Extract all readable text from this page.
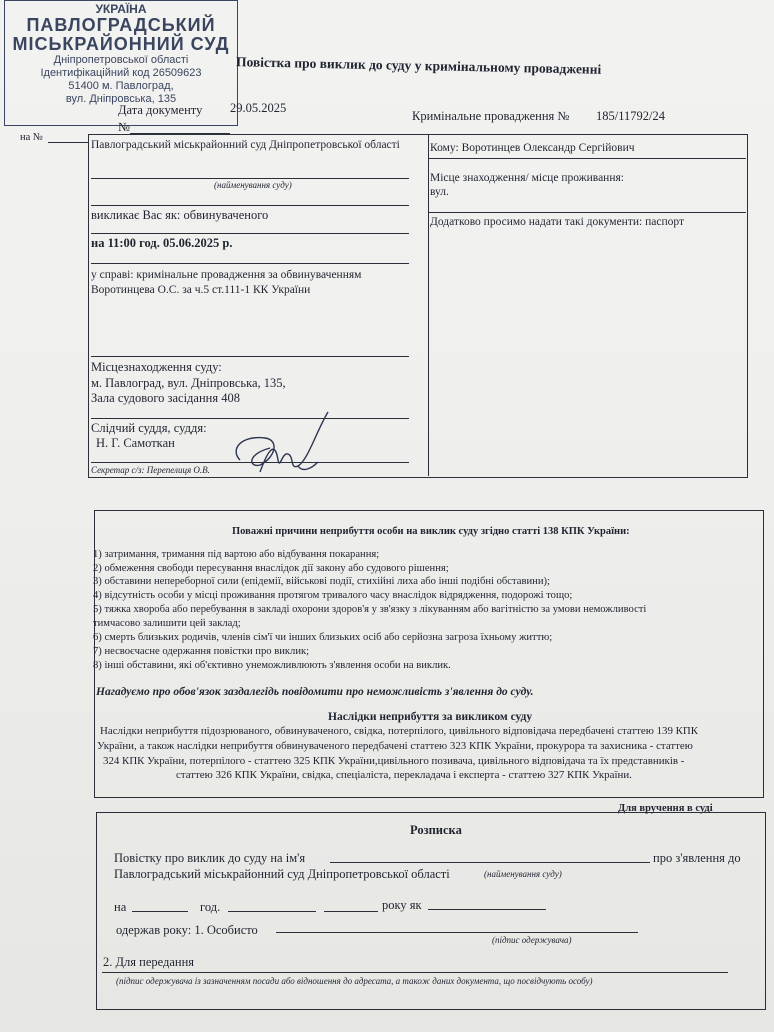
УКРАЇНА
ПАВЛОГРАДСЬКИЙ
МІСЬКРАЙОННИЙ СУД
Дніпропетровської області
Ідентифікаційний код 26509623
51400 м. Павлоград,
вул. Дніпровська, 135
Повістка про виклик до суду у кримінальному провадженні
Дата документу 29.05.2025
№
на №
Кримінальне провадження № 185/11792/24
Павлоградський міськрайонний суд Дніпропетровської області
(найменування суду)
викликає Вас як: обвинуваченого
на 11:00 год. 05.06.2025 р.
у справі: кримінальне провадження за обвинуваченням
Воротинцева О.С. за ч.5 ст.111-1 КК України
Місцезнаходження суду:
м. Павлоград, вул. Дніпровська, 135,
Зала судового засідання 408
Слідчий суддя, суддя:
Н. Г. Самоткан
Секретар с/з: Перепелиця О.В.
Кому: Воротинцев Олександр Сергійович
Місце знаходження/ місце проживання:
вул.
Додатково просимо надати такі документи: паспорт
Поважні причини неприбуття особи на виклик суду згідно статті 138 КПК України:
1) затримання, тримання під вартою або відбування покарання;
2) обмеження свободи пересування внаслідок дії закону або судового рішення;
3) обставини непереборної сили (епідемії, військові події, стихійні лиха або інші подібні обставини);
4) відсутність особи у місці проживання протягом тривалого часу внаслідок відрядження, подорожі тощо;
5) тяжка хвороба або перебування в закладі охорони здоров'я у зв'язку з лікуванням або вагітністю за умови неможливості
тимчасово залишити цей заклад;
6) смерть близьких родичів, членів сім'ї чи інших близьких осіб або серйозна загроза їхньому життю;
7) несвоєчасне одержання повістки про виклик;
8) інші обставини, які об'єктивно унеможливлюють з'явлення особи на виклик.
Нагадуємо про обов'язок заздалегідь повідомити про неможливість з'явлення до суду.
Наслідки неприбуття за викликом суду
Наслідки неприбуття підозрюваного, обвинуваченого, свідка, потерпілого, цивільного відповідача передбачені статтею 139 КПК
України, а також наслідки неприбуття обвинуваченого передбачені статтею 323 КПК України, прокурора та захисника - статтею
324 КПК України, потерпілого - статтею 325 КПК України,цивільного позивача, цивільного відповідача та їх представників -
статтею 326 КПК України, свідка, спеціаліста, перекладача і експерта - статтею 327 КПК України.
Для вручення в суді
Розписка
Повістку про виклик до суду на ім'я	про з'явлення до
Павлоградський міськрайонний суд Дніпропетровської області	(найменування суду)
на	год.	року як
одержав року: 1. Особисто
(підпис одержувача)
2. Для передання
(підпис одержувача із зазначенням посади або відношення до адресата, а також даних документа, що посвідчують особу)
